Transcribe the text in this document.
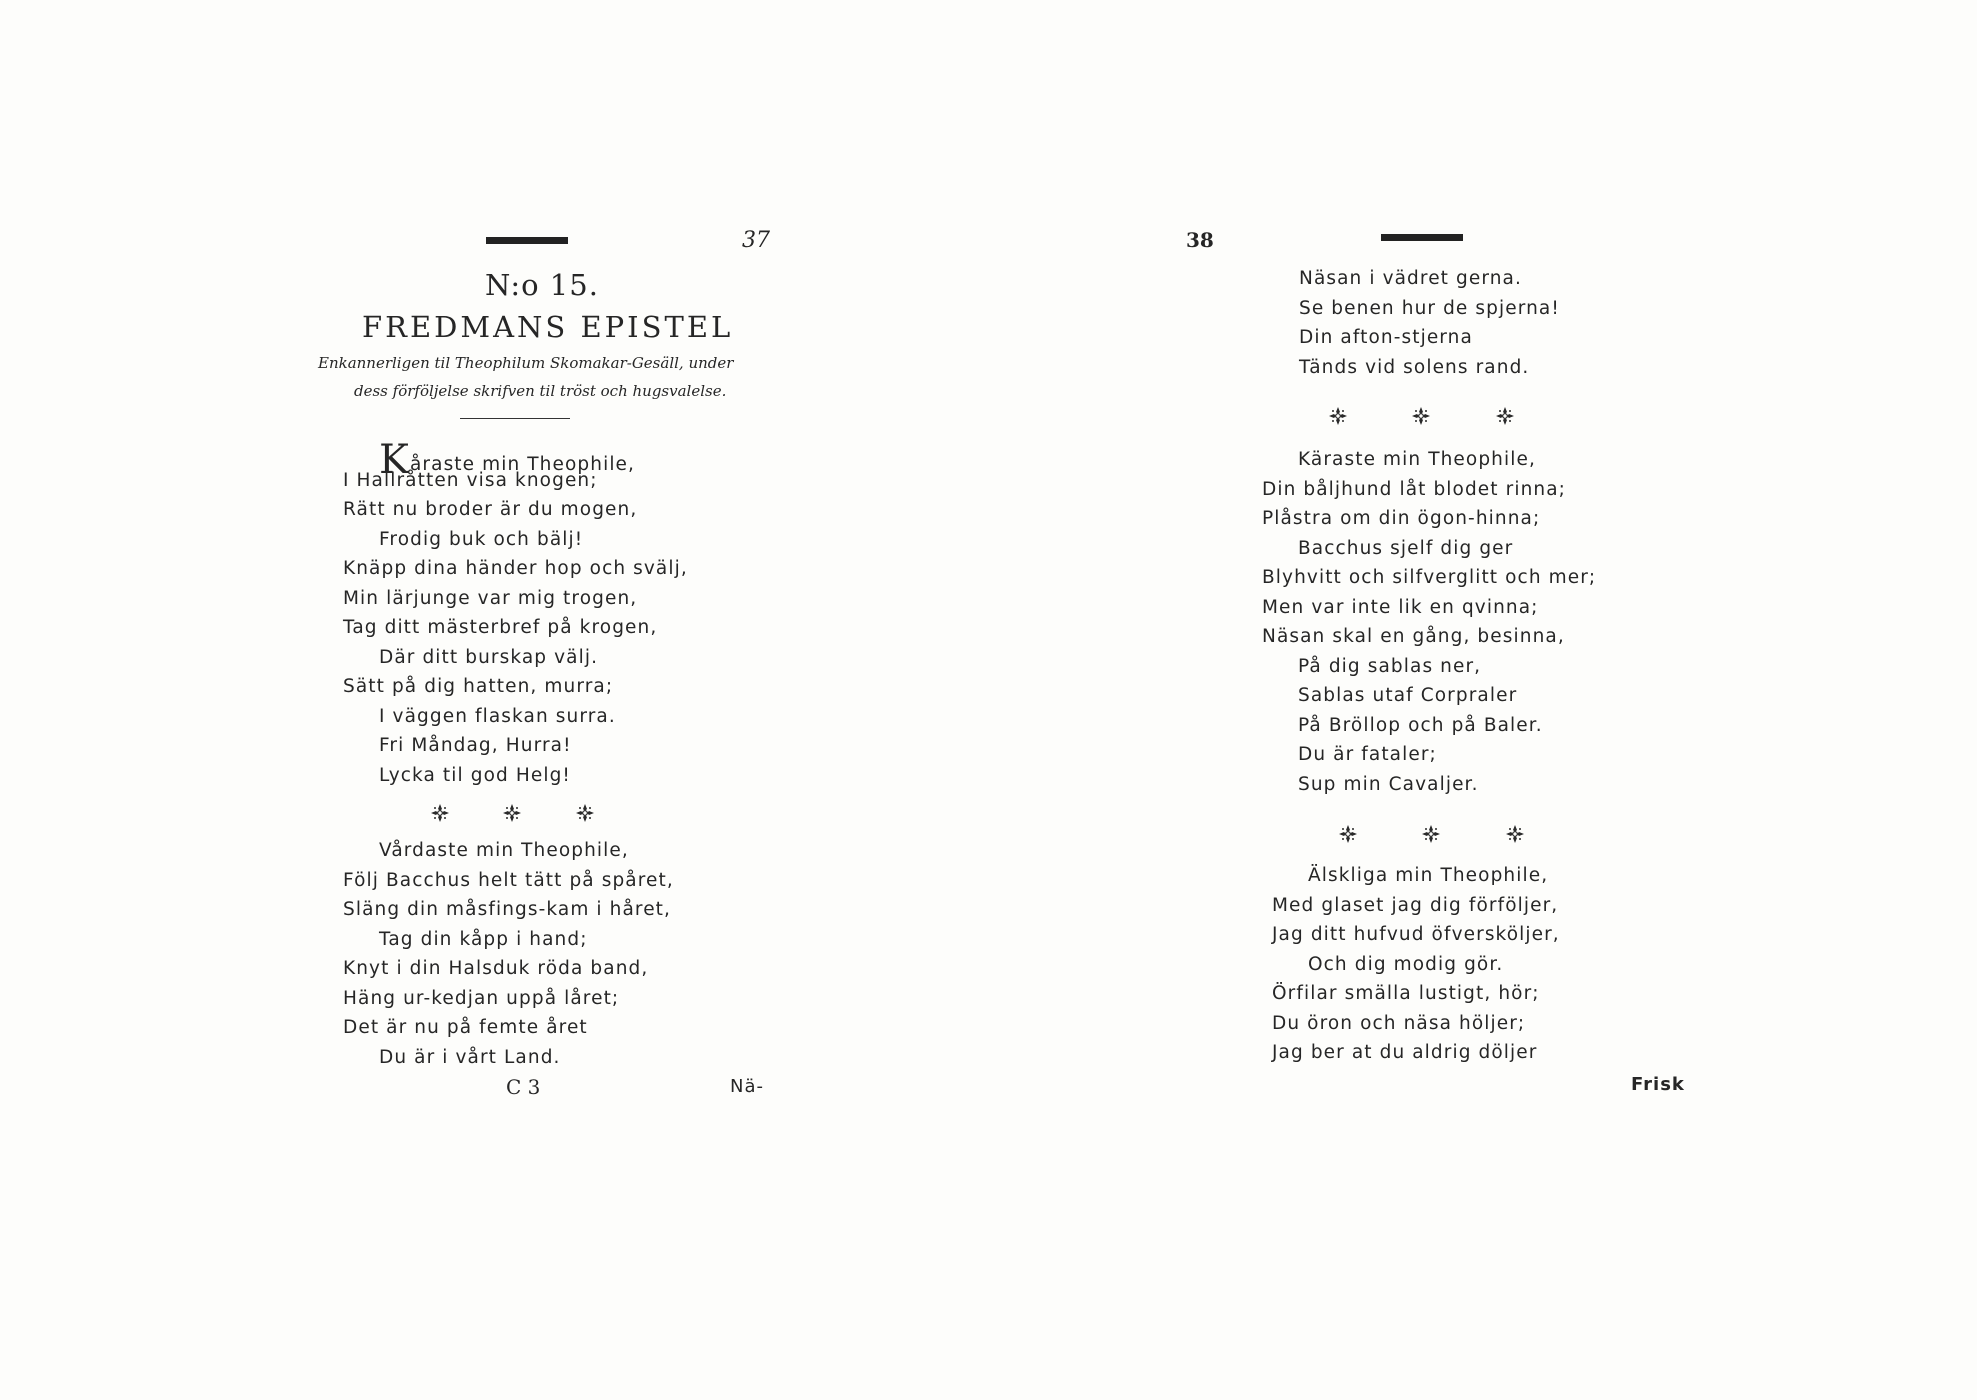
37
N:o 15.
FREDMANS EPISTEL
Enkannerligen til Theophilum Skomakar-Gesäll, under
dess förföljelse skrifven til tröst och hugsvalelse.
Kåraste min Theophile,
I Hallråtten visa knogen;
Rätt nu broder är du mogen,
Frodig buk och bälj!
Knäpp dina händer hop och svälj,
Min lärjunge var mig trogen,
Tag ditt mästerbref på krogen,
Där ditt burskap välj.
Sätt på dig hatten, murra;
I väggen flaskan surra.
Fri Måndag, Hurra!
Lycka til god Helg!
Vårdaste min Theophile,
Följ Bacchus helt tätt på spåret,
Släng din måsfings-kam i håret,
Tag din kåpp i hand;
Knyt i din Halsduk röda band,
Häng ur-kedjan uppå låret;
Det är nu på femte året
Du är i vårt Land.
C 3	Nä-
38
Näsan i vädret gerna.
Se benen hur de spjerna!
Din afton-stjerna
Tänds vid solens rand.
Käraste min Theophile,
Din båljhund låt blodet rinna;
Plåstra om din ögon-hinna;
Bacchus sjelf dig ger
Blyhvitt och silfverglitt och mer;
Men var inte lik en qvinna;
Näsan skal en gång, besinna,
På dig sablas ner,
Sablas utaf Corpraler
På Bröllop och på Baler.
Du är fataler;
Sup min Cavaljer.
Älskliga min Theophile,
Med glaset jag dig förföljer,
Jag ditt hufvud öfverskölјer,
Och dig modig gör.
Örfilar smälla lustigt, hör;
Du öron och näsa höljer;
Jag ber at du aldrig döljer
Frisk
